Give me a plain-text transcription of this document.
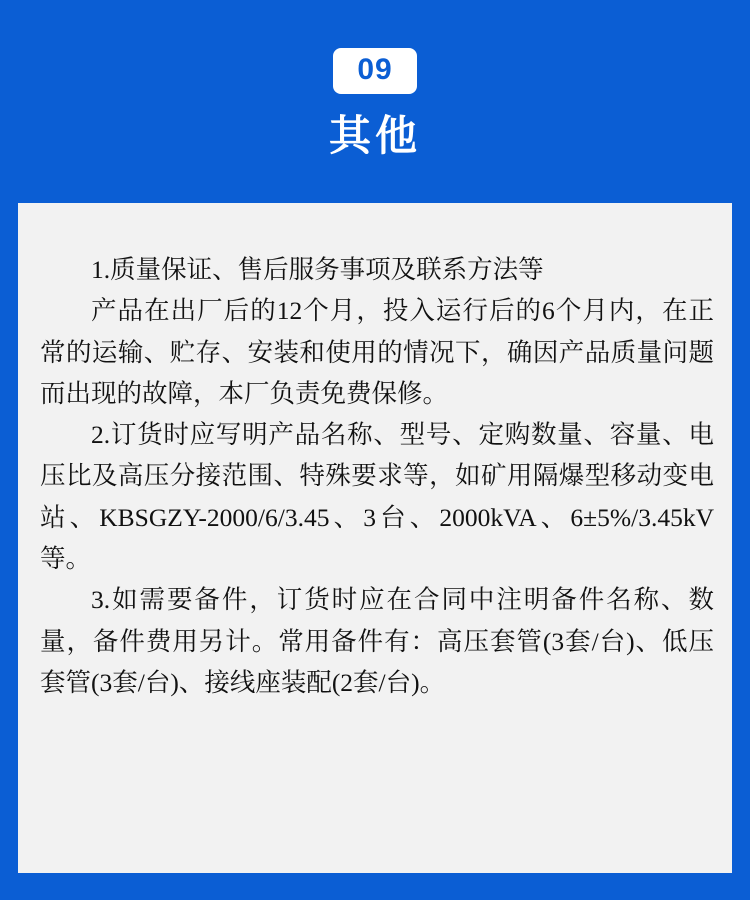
09
其他

1.质量保证、售后服务事项及联系方法等

产品在出厂后的12个月，投入运行后的6个月内，在正常的运输、贮存、安装和使用的情况下，确因产品质量问题而出现的故障，本厂负责免费保修。

2.订货时应写明产品名称、型号、定购数量、容量、电压比及高压分接范围、特殊要求等，如矿用隔爆型移动变电站、KBSGZY-2000/6/3.45、3台、2000kVA、6±5%/3.45kV等。

3.如需要备件，订货时应在合同中注明备件名称、数量，备件费用另计。常用备件有：高压套管(3套/台)、低压套管(3套/台)、接线座装配(2套/台)。
